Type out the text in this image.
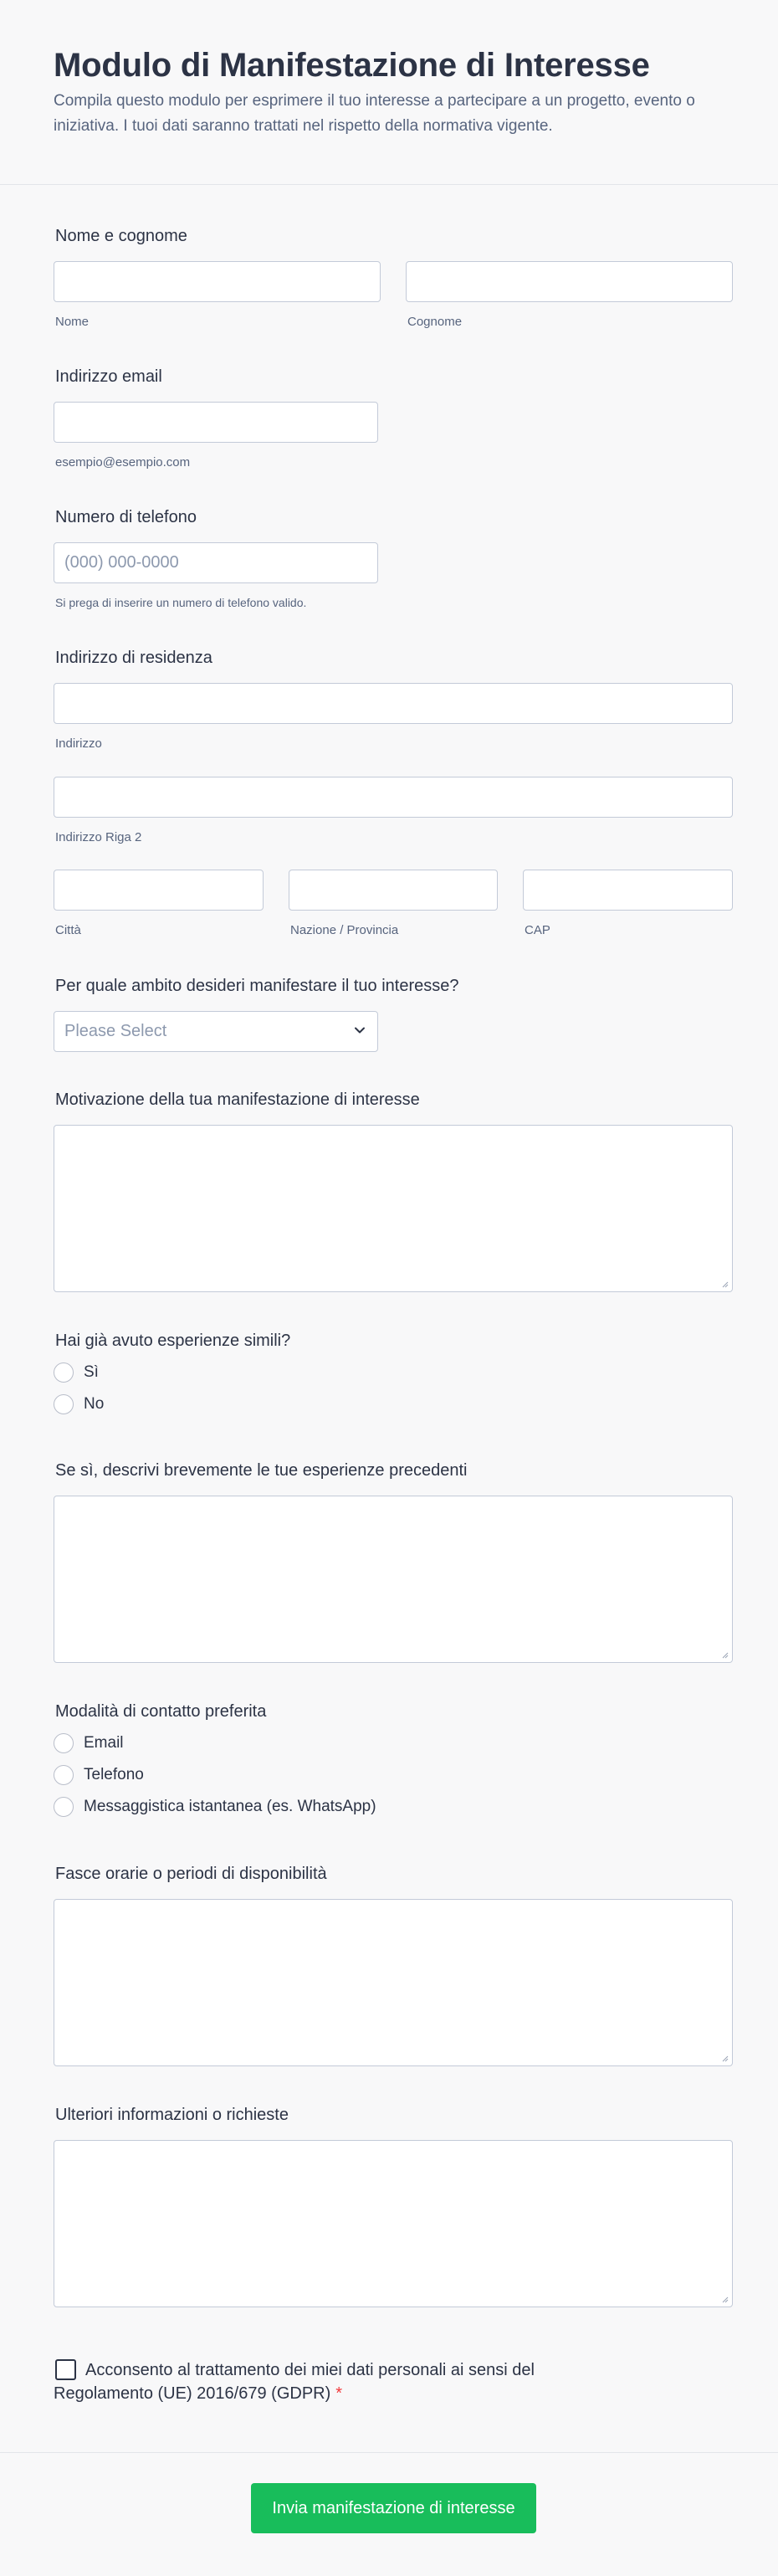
Modulo di Manifestazione di Interesse

Compila questo modulo per esprimere il tuo interesse a partecipare a un progetto, evento o iniziativa. I tuoi dati saranno trattati nel rispetto della normativa vigente.

Nome e cognome
Nome	Cognome
Indirizzo email
esempio@esempio.com
Numero di telefono
(000) 000-0000
Si prega di inserire un numero di telefono valido.
Indirizzo di residenza
Indirizzo
Indirizzo Riga 2
Città	Nazione / Provincia	CAP
Per quale ambito desideri manifestare il tuo interesse?
Please Select
Motivazione della tua manifestazione di interesse
Hai già avuto esperienze simili?
Sì
No
Se sì, descrivi brevemente le tue esperienze precedenti
Modalità di contatto preferita
Email
Telefono
Messaggistica istantanea (es. WhatsApp)
Fasce orarie o periodi di disponibilità
Ulteriori informazioni o richieste
Acconsento al trattamento dei miei dati personali ai sensi del Regolamento (UE) 2016/679 (GDPR) *
Invia manifestazione di interesse
